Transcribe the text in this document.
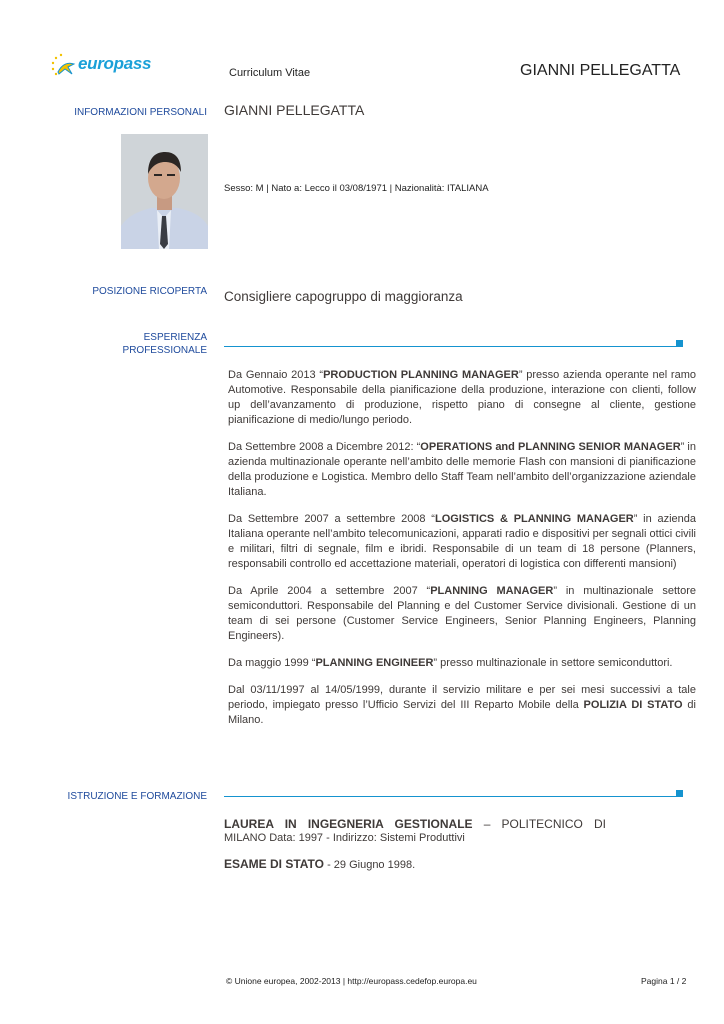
europass	Curriculum Vitae	GIANNI PELLEGATTA
INFORMAZIONI PERSONALI GIANNI PELLEGATTA
Sesso: M | Nato a: Lecco il 03/08/1971 | Nazionalità: ITALIANA
POSIZIONE RICOPERTA Consigliere capogruppo di maggioranza
ESPERIENZA
PROFESSIONALE

Da Gennaio 2013 “PRODUCTION PLANNING MANAGER” presso azienda operante nel ramo Automotive. Responsabile della pianificazione della produzione, interazione con clienti, follow up dell’avanzamento di produzione, rispetto piano di consegne al cliente, gestione pianificazione di medio/lungo periodo.

Da Settembre 2008 a Dicembre 2012: “OPERATIONS and PLANNING SENIOR MANAGER” in azienda multinazionale operante nell’ambito delle memorie Flash con mansioni di pianificazione della produzione e Logistica. Membro dello Staff Team nell’ambito dell’organizzazione aziendale Italiana.

Da Settembre 2007 a settembre 2008 “LOGISTICS & PLANNING MANAGER” in azienda Italiana operante nell’ambito telecomunicazioni, apparati radio e dispositivi per segnali ottici civili e militari, filtri di segnale, film e ibridi. Responsabile di un team di 18 persone (Planners, responsabili controllo ed accettazione materiali, operatori di logistica con differenti mansioni)

Da Aprile 2004 a settembre 2007 “PLANNING MANAGER” in multinazionale settore semiconduttori. Responsabile del Planning e del Customer Service divisionali. Gestione di un team di sei persone (Customer Service Engineers, Senior Planning Engineers, Planning Engineers).

Da maggio 1999 “PLANNING ENGINEER” presso multinazionale in settore semiconduttori.

Dal 03/11/1997 al 14/05/1999, durante il servizio militare e per sei mesi successivi a tale periodo, impiegato presso l’Ufficio Servizi del III Reparto Mobile della POLIZIA DI STATO di Milano.

ISTRUZIONE E FORMAZIONE
LAUREA IN INGEGNERIA GESTIONALE – POLITECNICO DI
MILANO Data: 1997 - Indirizzo: Sistemi Produttivi
ESAME DI STATO - 29 Giugno 1998.
© Unione europea, 2002-2013 | http://europass.cedefop.europa.eu	Pagina 1 / 2
